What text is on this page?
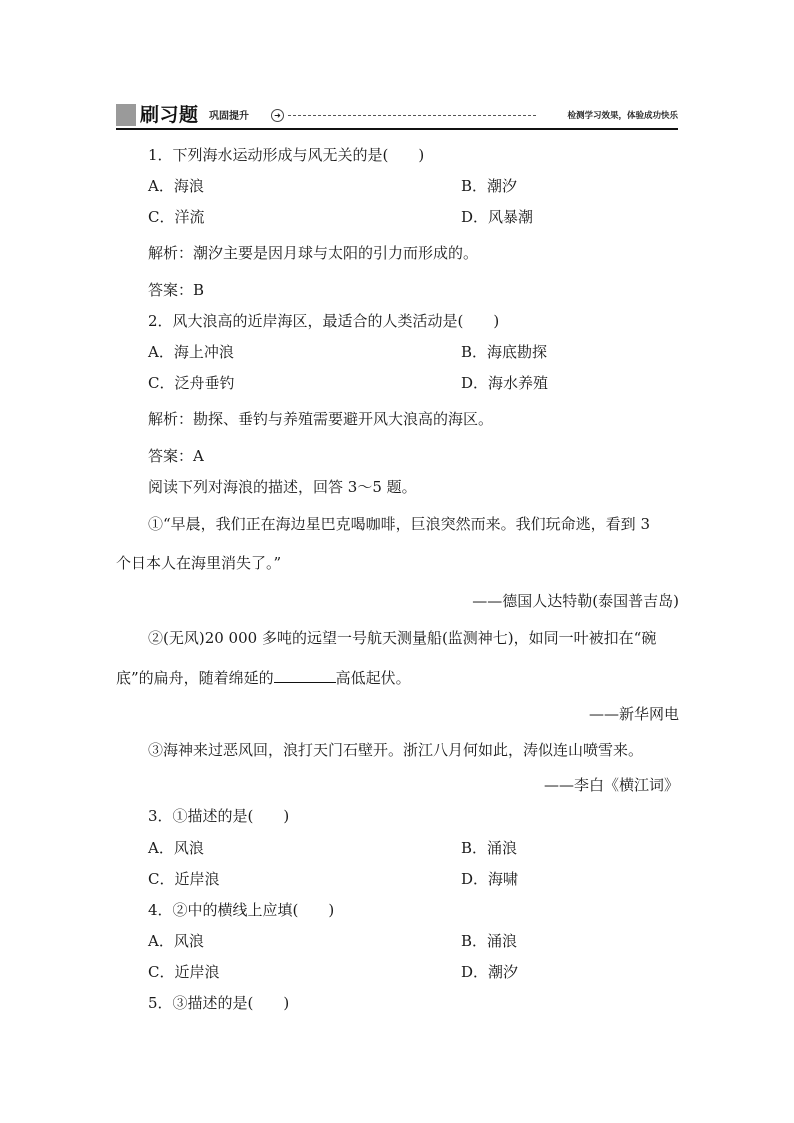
刷习题 巩固提升	➜	检测学习效果，体验成功快乐
1．下列海水运动形成与风无关的是(　　)
A．海浪	B．潮汐
C．洋流	D．风暴潮
解析：潮汐主要是因月球与太阳的引力而形成的。
答案：B
2．风大浪高的近岸海区，最适合的人类活动是(　　)
A．海上冲浪	B．海底勘探
C．泛舟垂钓	D．海水养殖
解析：勘探、垂钓与养殖需要避开风大浪高的海区。
答案：A
阅读下列对海浪的描述，回答 3～5 题。
①“早晨，我们正在海边星巴克喝咖啡，巨浪突然而来。我们玩命逃，看到 3
个日本人在海里消失了。”
——德国人达特勒(泰国普吉岛)
②(无风)20 000 多吨的远望一号航天测量船(监测神七)，如同一叶被扣在“碗
底”的扁舟，随着绵延的	高低起伏。
——新华网电
③海神来过恶风回，浪打天门石壁开。浙江八月何如此，涛似连山喷雪来。
——李白《横江词》
3．①描述的是(　　)
A．风浪	B．涌浪
C．近岸浪	D．海啸
4．②中的横线上应填(　　)
A．风浪	B．涌浪
C．近岸浪	D．潮汐
5．③描述的是(　　)
